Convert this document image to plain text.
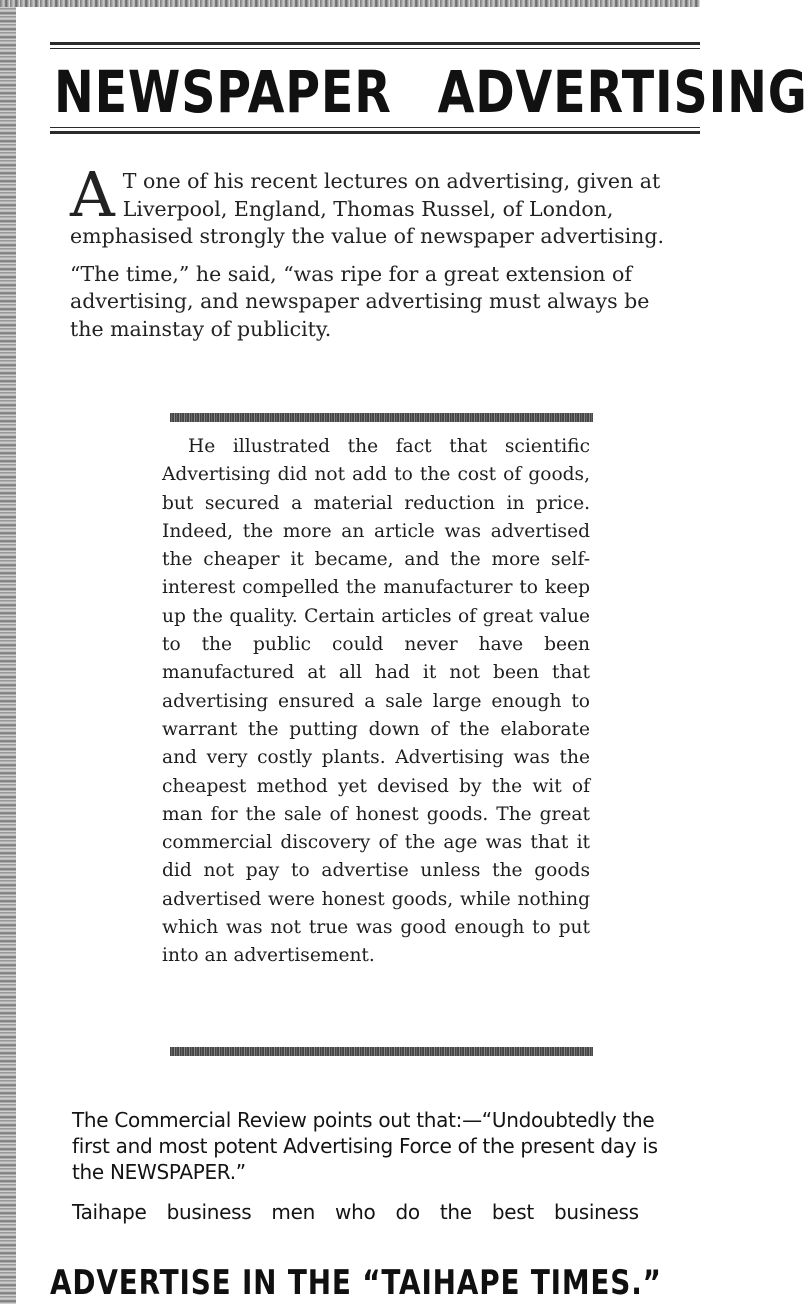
NEWSPAPER ADVERTISING

A T one of his recent lectures on advertising, given at Liverpool, England, Thomas Russel, of London, emphasised strongly the value of newspaper advertising.

“The time,” he said, “was ripe for a great extension of advertising, and newspaper advertising must always be the mainstay of publicity.

He illustrated the fact that scientific Advertising did not add to the cost of goods, but secured a material reduction in price. Indeed, the more an article was advertised the cheaper it became, and the more self-interest compelled the manufacturer to keep up the quality. Certain articles of great value to the public could never have been manufactured at all had it not been that advertising ensured a sale large enough to warrant the putting down of the elaborate and very costly plants. Advertising was the cheapest method yet devised by the wit of man for the sale of honest goods. The great commercial discovery of the age was that it did not pay to advertise unless the goods advertised were honest goods, while nothing which was not true was good enough to put into an advertisement.

The Commercial Review points out that:—“Undoubtedly the first and most potent Advertising Force of the present day is the NEWSPAPER.”

Taihape business men who do the best business

ADVERTISE IN THE “TAIHAPE TIMES.”
